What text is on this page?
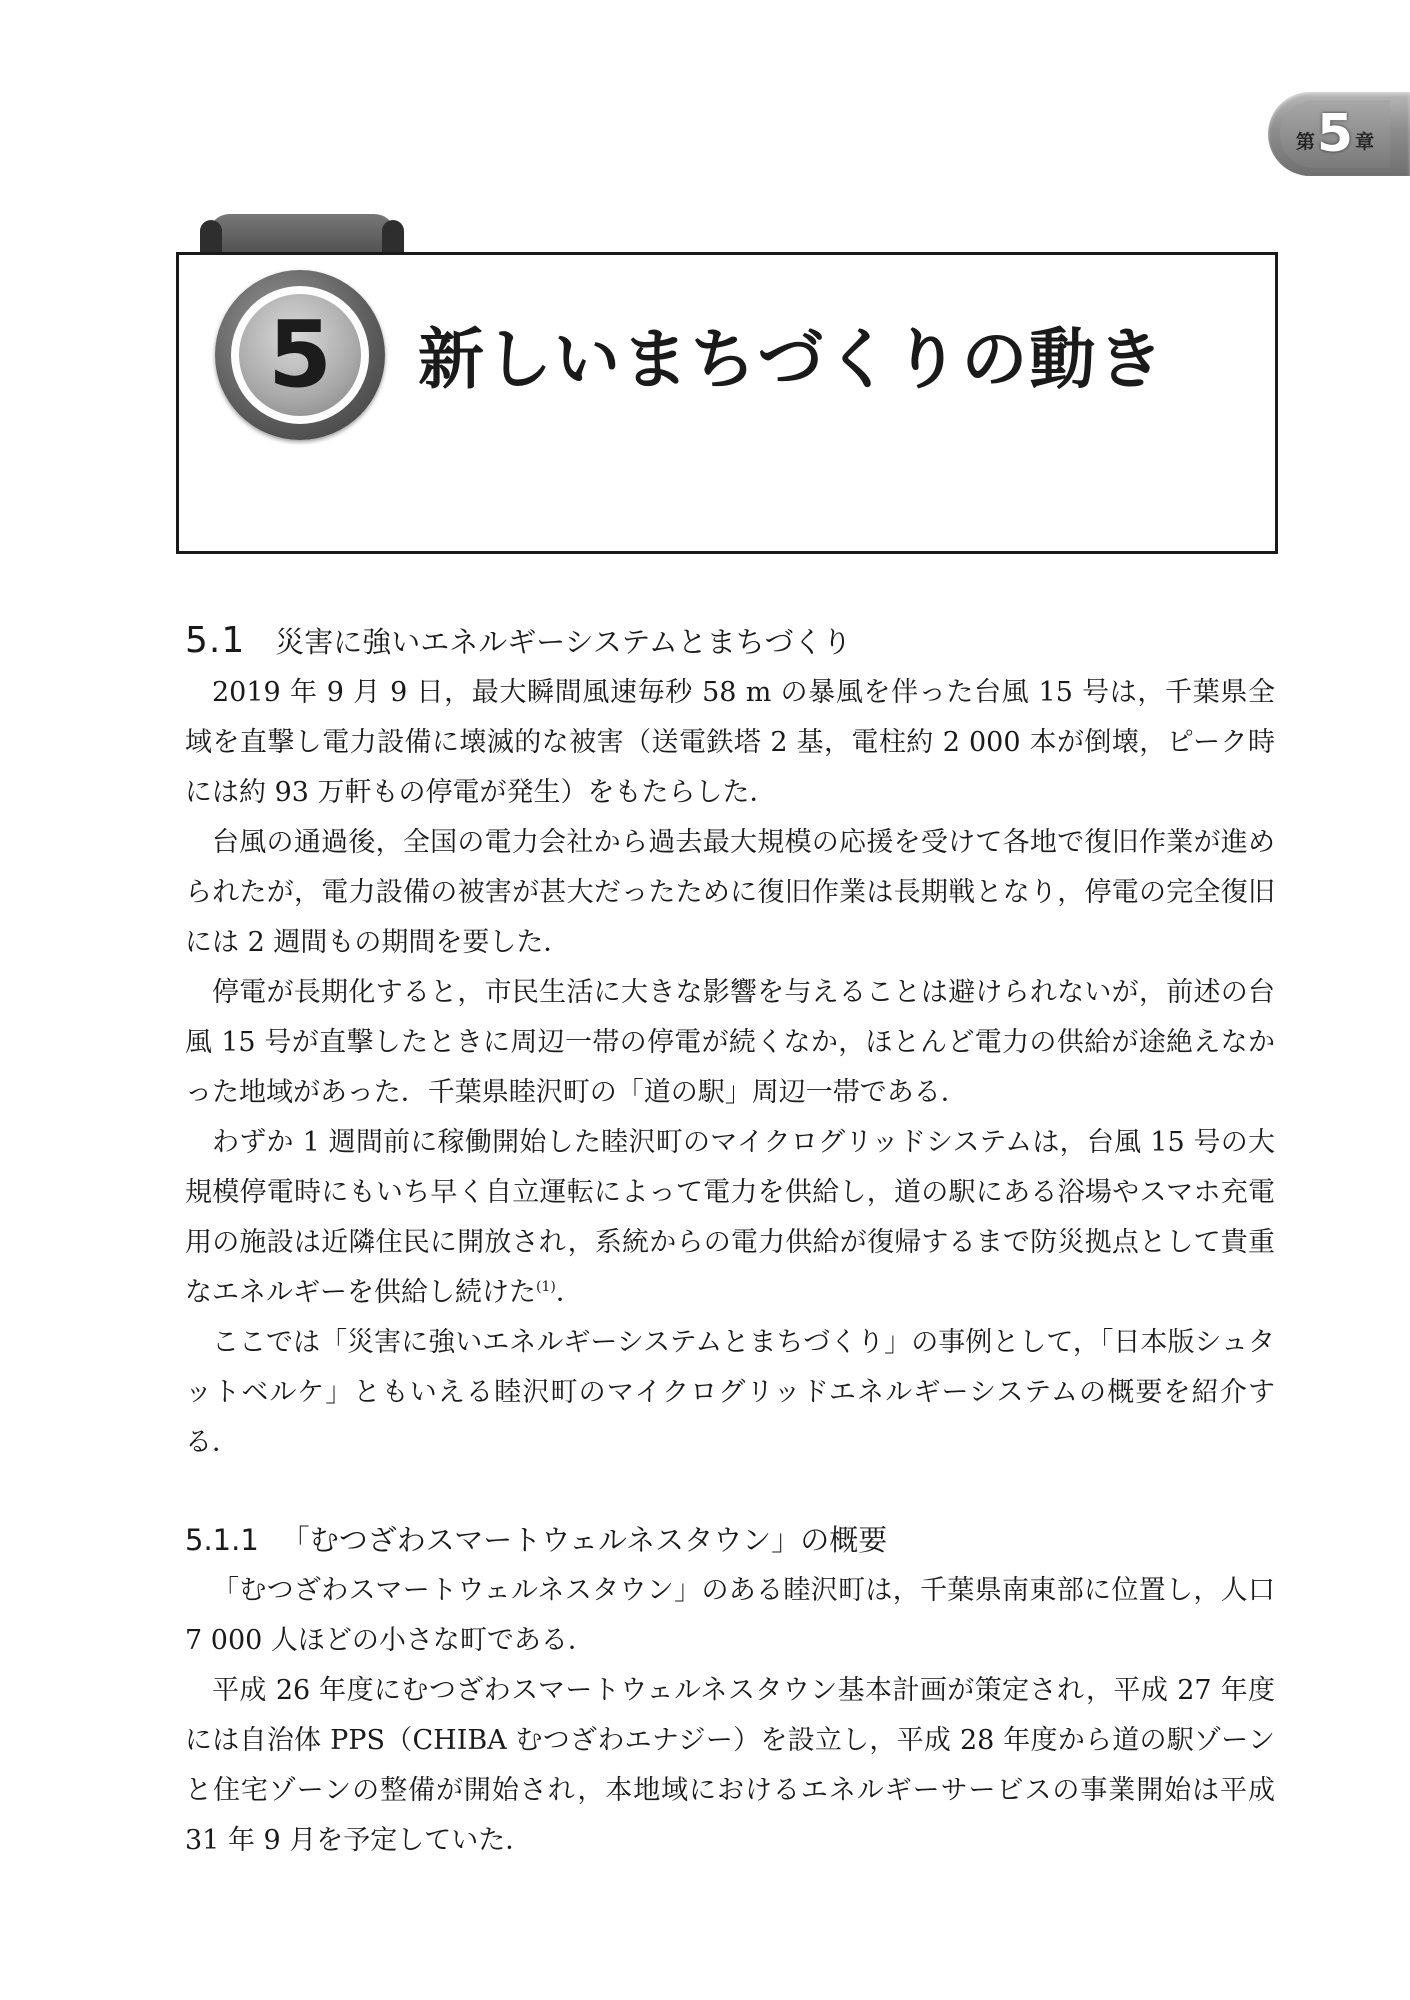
第 5 章
5 新しいまちづくりの動き
5.1 災害に強いエネルギーシステムとまちづくり

2019 年 9 月 9 日，最大瞬間風速毎秒 58 m の暴風を伴った台風 15 号は，千葉県全域を直撃し電力設備に壊滅的な被害（送電鉄塔 2 基，電柱約 2 000 本が倒壊，ピーク時には約 93 万軒もの停電が発生）をもたらした．

台風の通過後，全国の電力会社から過去最大規模の応援を受けて各地で復旧作業が進められたが，電力設備の被害が甚大だったために復旧作業は長期戦となり，停電の完全復旧には 2 週間もの期間を要した．

停電が長期化すると，市民生活に大きな影響を与えることは避けられないが，前述の台風 15 号が直撃したときに周辺一帯の停電が続くなか，ほとんど電力の供給が途絶えなかった地域があった．千葉県睦沢町の「道の駅」周辺一帯である．

わずか 1 週間前に稼働開始した睦沢町のマイクログリッドシステムは，台風 15 号の大規模停電時にもいち早く自立運転によって電力を供給し，道の駅にある浴場やスマホ充電用の施設は近隣住民に開放され，系統からの電力供給が復帰するまで防災拠点として貴重なエネルギーを供給し続けた$^{(1)}$．

ここでは「災害に強いエネルギーシステムとまちづくり」の事例として，「日本版シュタットベルケ」ともいえる睦沢町のマイクログリッドエネルギーシステムの概要を紹介する．

5.1.1 「むつざわスマートウェルネスタウン」の概要

「むつざわスマートウェルネスタウン」のある睦沢町は，千葉県南東部に位置し，人口 7 000 人ほどの小さな町である．

平成 26 年度にむつざわスマートウェルネスタウン基本計画が策定され，平成 27 年度には自治体 PPS（CHIBA むつざわエナジー）を設立し，平成 28 年度から道の駅ゾーンと住宅ゾーンの整備が開始され，本地域におけるエネルギーサービスの事業開始は平成 31 年 9 月を予定していた．
